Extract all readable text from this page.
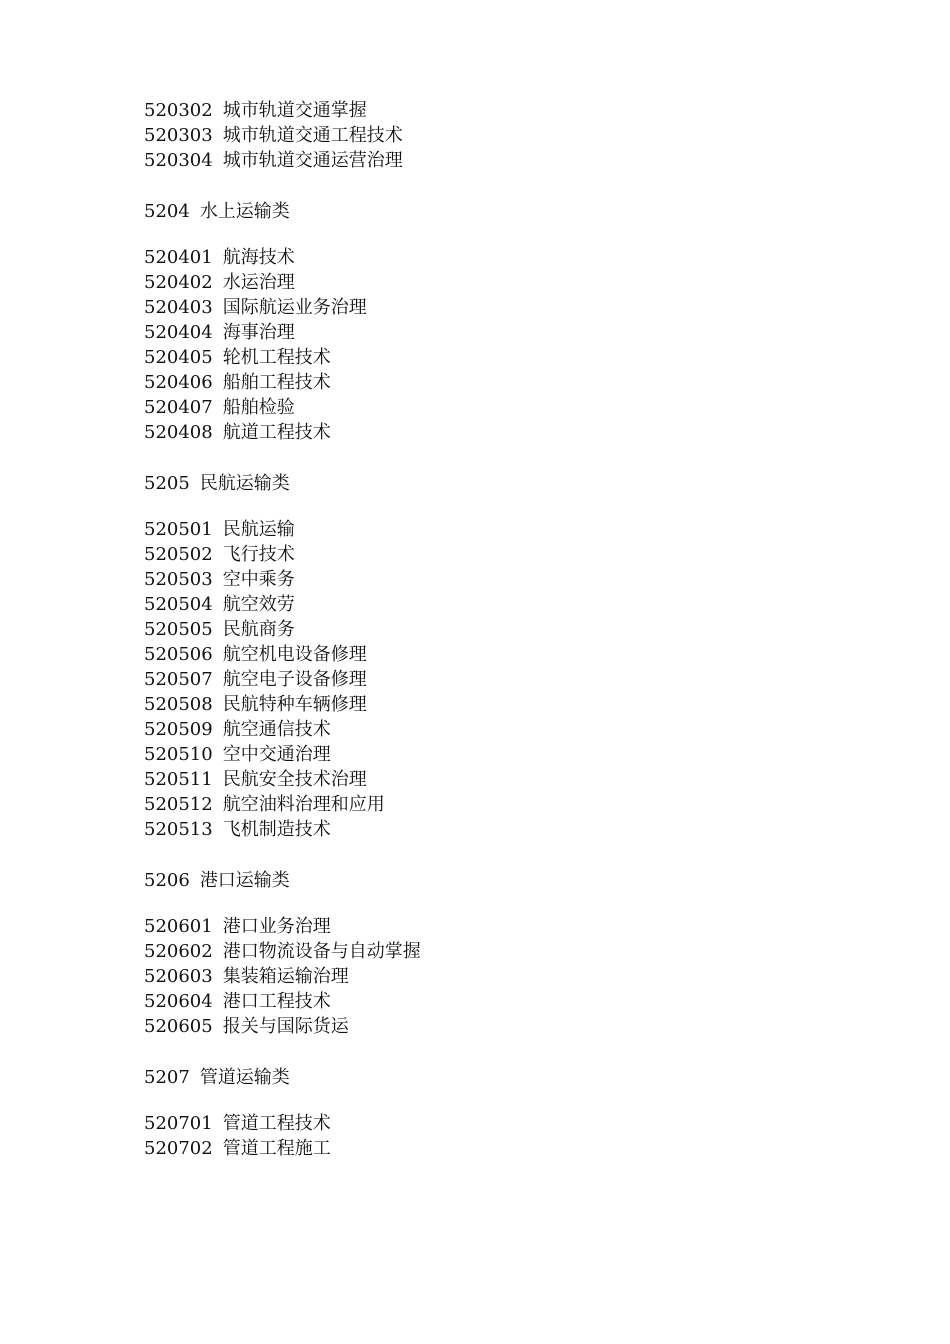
520302 城市轨道交通掌握
520303 城市轨道交通工程技术
520304 城市轨道交通运营治理
5204 水上运输类
520401 航海技术
520402 水运治理
520403 国际航运业务治理
520404 海事治理
520405 轮机工程技术
520406 船舶工程技术
520407 船舶检验
520408 航道工程技术
5205 民航运输类
520501 民航运输
520502 飞行技术
520503 空中乘务
520504 航空效劳
520505 民航商务
520506 航空机电设备修理
520507 航空电子设备修理
520508 民航特种车辆修理
520509 航空通信技术
520510 空中交通治理
520511 民航安全技术治理
520512 航空油料治理和应用
520513 飞机制造技术
5206 港口运输类
520601 港口业务治理
520602 港口物流设备与自动掌握
520603 集装箱运输治理
520604 港口工程技术
520605 报关与国际货运
5207 管道运输类
520701 管道工程技术
520702 管道工程施工
